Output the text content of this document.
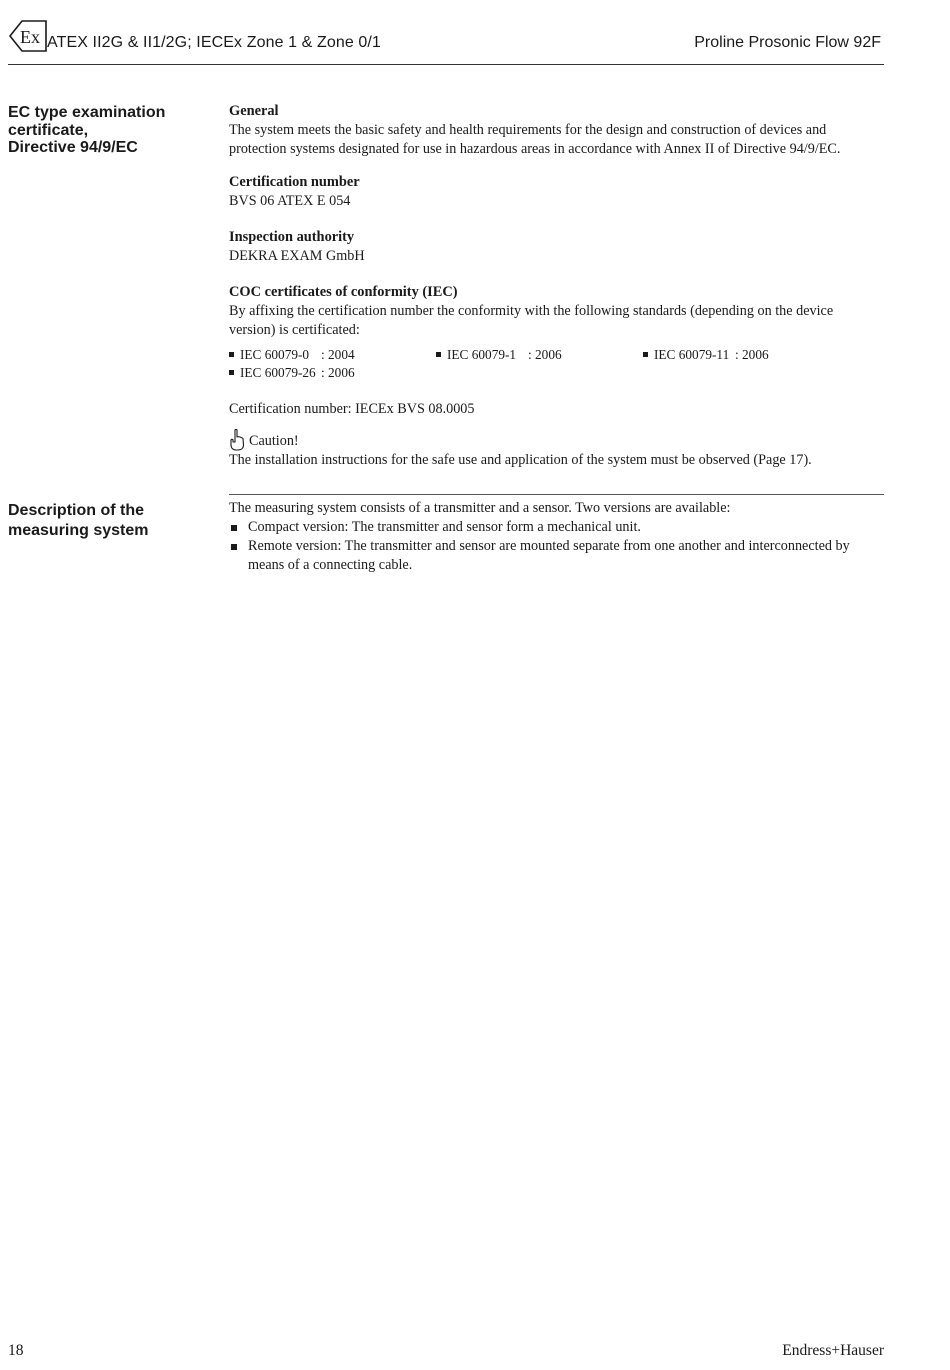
Ex ATEX II2G & II1/2G; IECEx Zone 1 & Zone 0/1	Proline Prosonic Flow 92F
EC type examination
certificate,
Directive 94/9/EC

General

The system meets the basic safety and health requirements for the design and construction of devices and

protection systems designated for use in hazardous areas in accordance with Annex II of Directive 94/9/EC.

Certification number

BVS 06 ATEX E 054

Inspection authority

DEKRA EXAM GmbH

COC certificates of conformity (IEC)

By affixing the certification number the conformity with the following standards (depending on the device

version) is certificated:

IEC 60079-0 : 2004	IEC 60079-1 : 2006	IEC 60079-11 : 2006
IEC 60079-26 : 2006

Certification number: IECEx BVS 08.0005

Caution!

The installation instructions for the safe use and application of the system must be observed (Page 17).

Description of the
measuring system

The measuring system consists of a transmitter and a sensor. Two versions are available:

Compact version: The transmitter and sensor form a mechanical unit.
Remote version: The transmitter and sensor are mounted separate from one another and interconnected by
means of a connecting cable.
18	Endress+Hauser
